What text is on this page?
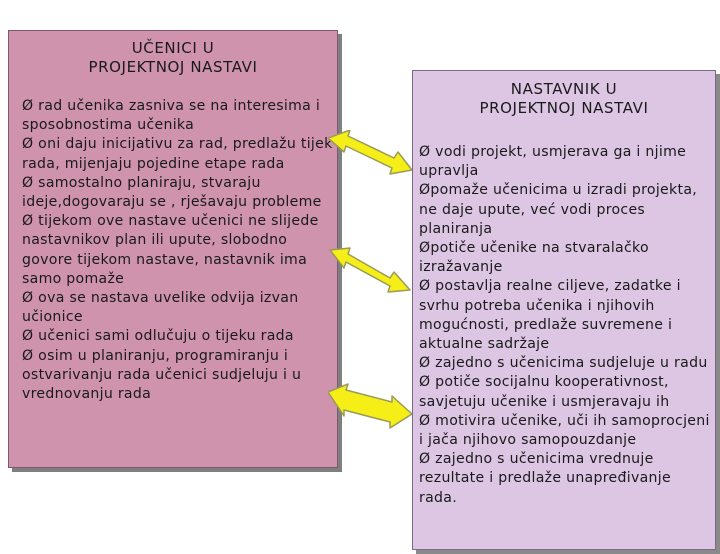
UČENICI U
PROJEKTNOJ NASTAVI

Ø rad učenika zasniva se na interesima i sposobnostima učenika

Ø oni daju inicijativu za rad, predlažu tijek rada, mijenjaju pojedine etape rada

Ø samostalno planiraju, stvaraju ideje,dogovaraju se , rješavaju probleme

Ø tijekom ove nastave učenici ne slijede nastavnikov plan ili upute, slobodno govore tijekom nastave, nastavnik ima samo pomaže

Ø ova se nastava uvelike odvija izvan učionice

Ø učenici sami odlučuju o tijeku rada

Ø osim u planiranju, programiranju i ostvarivanju rada učenici sudjeluju i u vrednovanju rada

NASTAVNIK U
PROJEKTNOJ NASTAVI

Ø vodi projekt, usmjerava ga i njime upravlja

Øpomaže učenicima u izradi projekta, ne daje upute, već vodi proces planiranja

Øpotiče učenike na stvaralačko izražavanje

Ø postavlja realne ciljeve, zadatke i svrhu potreba učenika i njihovih mogućnosti, predlaže suvremene i aktualne sadržaje

Ø zajedno s učenicima sudjeluje u radu

Ø potiče socijalnu kooperativnost, savjetuju učenike i usmjeravaju ih

Ø motivira učenike, uči ih samoprocjeni i jača njihovo samopouzdanje

Ø zajedno s učenicima vrednuje rezultate i predlaže unapređivanje rada.
